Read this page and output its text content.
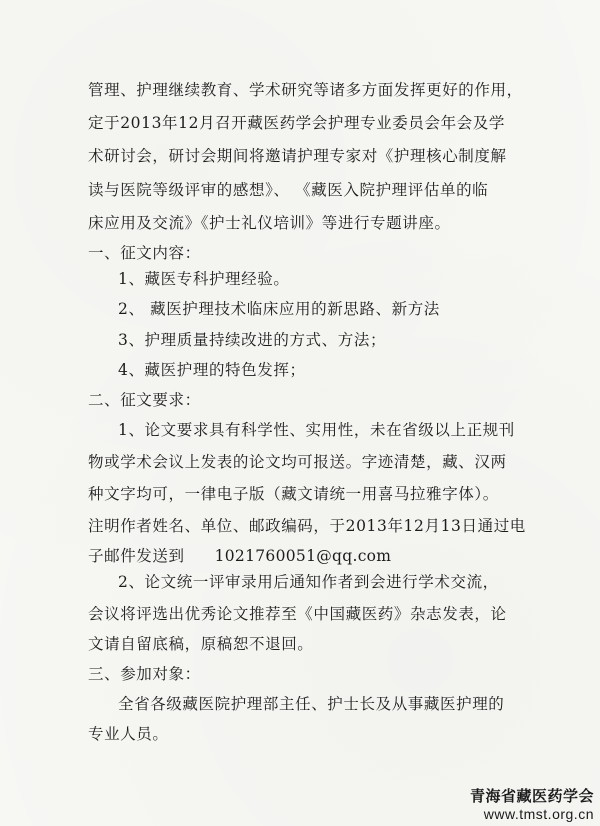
管理、护理继续教育、学术研究等诸多方面发挥更好的作用，
定于2013年12月召开藏医药学会护理专业委员会年会及学
术研讨会，研讨会期间将邀请护理专家对《护理核心制度解
读与医院等级评审的感想》、 《藏医入院护理评估单的临
床应用及交流》《护士礼仪培训》等进行专题讲座。
一、征文内容：
1、藏医专科护理经验。
2、 藏医护理技术临床应用的新思路、新方法
3、护理质量持续改进的方式、方法；
4、藏医护理的特色发挥；
二、征文要求：
1、论文要求具有科学性、实用性，未在省级以上正规刊
物或学术会议上发表的论文均可报送。字迹清楚，藏、汉两
种文字均可，一律电子版（藏文请统一用喜马拉雅字体）。
注明作者姓名、单位、邮政编码，于2013年12月13日通过电
子邮件发送到 1021760051@qq.com
2、论文统一评审录用后通知作者到会进行学术交流，
会议将评选出优秀论文推荐至《中国藏医药》杂志发表，论
文请自留底稿，原稿恕不退回。
三、参加对象：
全省各级藏医院护理部主任、护士长及从事藏医护理的
专业人员。
青海省藏医药学会
www.tmst.org.cn
